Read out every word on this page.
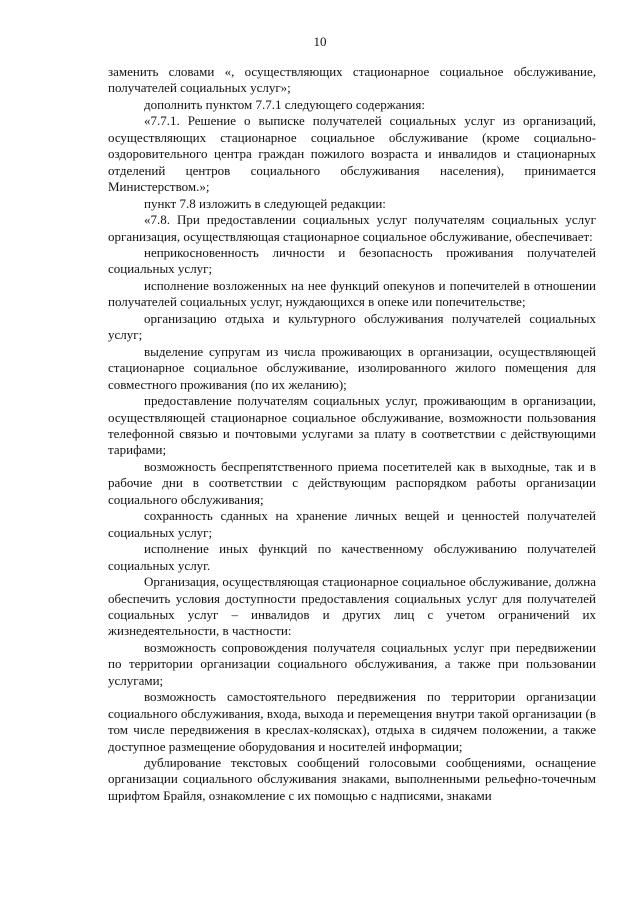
10

заменить словами «, осуществляющих стационарное социальное обслуживание, получателей социальных услуг»;

дополнить пунктом 7.7.1 следующего содержания:

«7.7.1. Решение о выписке получателей социальных услуг из организаций, осуществляющих стационарное социальное обслуживание (кроме социально-оздоровительного центра граждан пожилого возраста и инвалидов и стационарных отделений центров социального обслуживания населения), принимается Министерством.»;

пункт 7.8 изложить в следующей редакции:

«7.8. При предоставлении социальных услуг получателям социальных услуг организация, осуществляющая стационарное социальное обслуживание, обеспечивает:

неприкосновенность личности и безопасность проживания получателей социальных услуг;

исполнение возложенных на нее функций опекунов и попечителей в отношении получателей социальных услуг, нуждающихся в опеке или попечительстве;

организацию отдыха и культурного обслуживания получателей социальных услуг;

выделение супругам из числа проживающих в организации, осуществляющей стационарное социальное обслуживание, изолированного жилого помещения для совместного проживания (по их желанию);

предоставление получателям социальных услуг, проживающим в организации, осуществляющей стационарное социальное обслуживание, возможности пользования телефонной связью и почтовыми услугами за плату в соответствии с действующими тарифами;

возможность беспрепятственного приема посетителей как в выходные, так и в рабочие дни в соответствии с действующим распорядком работы организации социального обслуживания;

сохранность сданных на хранение личных вещей и ценностей получателей социальных услуг;

исполнение иных функций по качественному обслуживанию получателей социальных услуг.

Организация, осуществляющая стационарное социальное обслуживание, должна обеспечить условия доступности предоставления социальных услуг для получателей социальных услуг – инвалидов и других лиц с учетом ограничений их жизнедеятельности, в частности:

возможность сопровождения получателя социальных услуг при передвижении по территории организации социального обслуживания, а также при пользовании услугами;

возможность самостоятельного передвижения по территории организации социального обслуживания, входа, выхода и перемещения внутри такой организации (в том числе передвижения в креслах-колясках), отдыха в сидячем положении, а также доступное размещение оборудования и носителей информации;

дублирование текстовых сообщений голосовыми сообщениями, оснащение организации социального обслуживания знаками, выполненными рельефно-точечным шрифтом Брайля, ознакомление с их помощью с надписями, знаками
